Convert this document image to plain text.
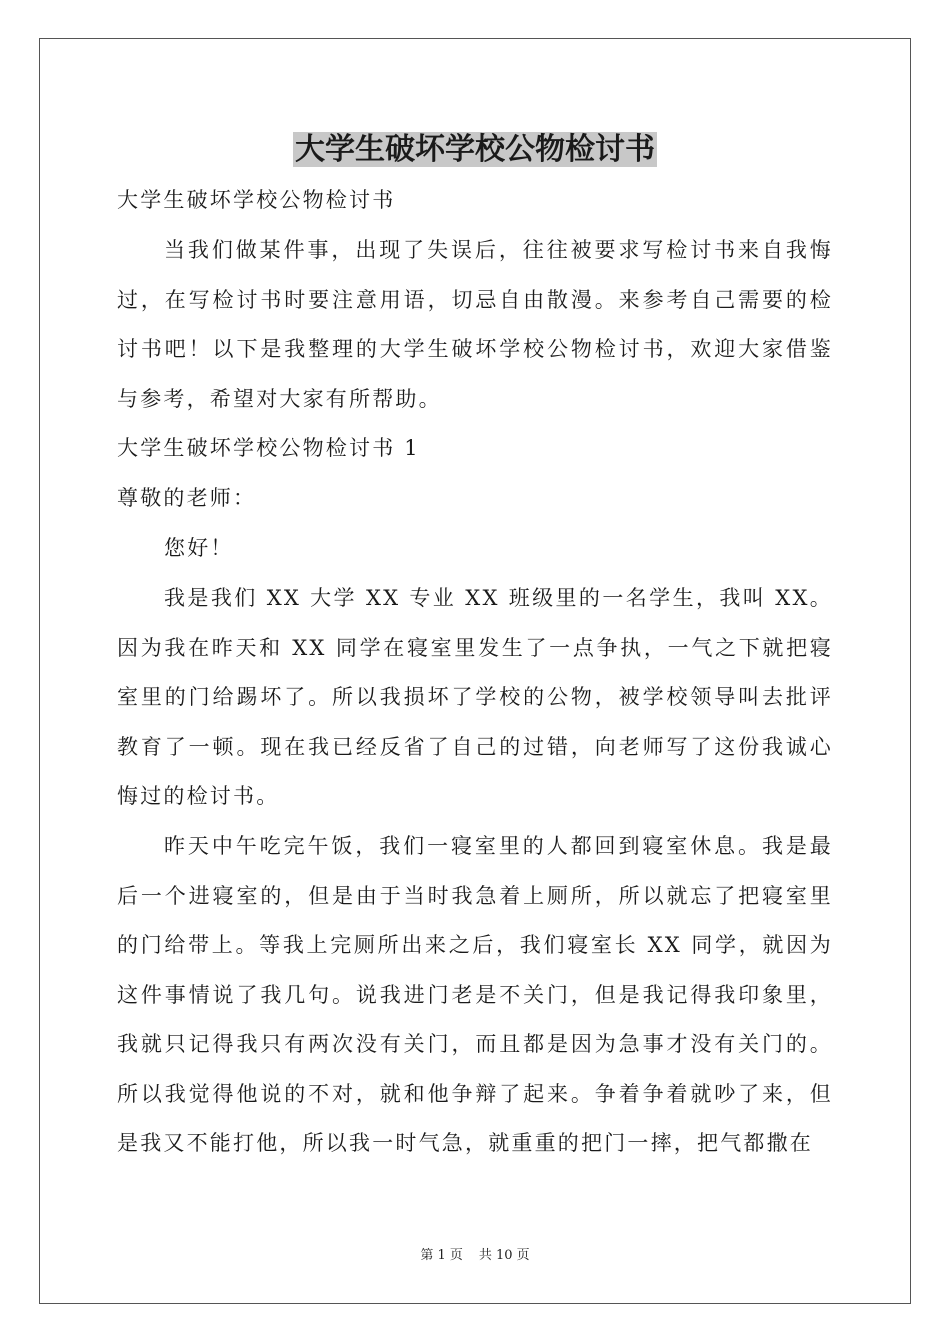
大学生破坏学校公物检讨书

大学生破坏学校公物检讨书

当我们做某件事，出现了失误后，往往被要求写检讨书来自我悔过，在写检讨书时要注意用语，切忌自由散漫。来参考自己需要的检讨书吧！以下是我整理的大学生破坏学校公物检讨书，欢迎大家借鉴与参考，希望对大家有所帮助。

大学生破坏学校公物检讨书 1

尊敬的老师：

您好！

我是我们 XX 大学 XX 专业 XX 班级里的一名学生，我叫 XX。因为我在昨天和 XX 同学在寝室里发生了一点争执，一气之下就把寝室里的门给踢坏了。所以我损坏了学校的公物，被学校领导叫去批评教育了一顿。现在我已经反省了自己的过错，向老师写了这份我诚心悔过的检讨书。

昨天中午吃完午饭，我们一寝室里的人都回到寝室休息。我是最后一个进寝室的，但是由于当时我急着上厕所，所以就忘了把寝室里的门给带上。等我上完厕所出来之后，我们寝室长 XX 同学，就因为这件事情说了我几句。说我进门老是不关门，但是我记得我印象里，我就只记得我只有两次没有关门，而且都是因为急事才没有关门的。所以我觉得他说的不对，就和他争辩了起来。争着争着就吵了来，但是我又不能打他，所以我一时气急，就重重的把门一摔，把气都撒在

第 1 页 共 10 页
